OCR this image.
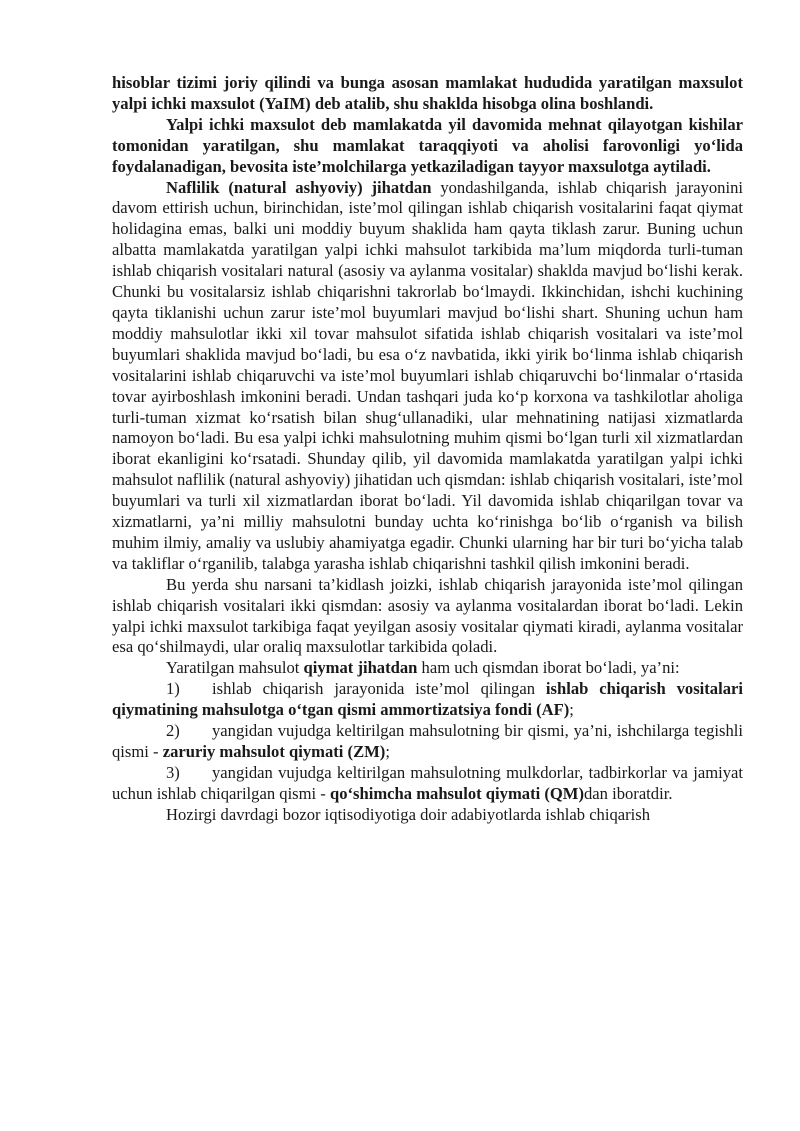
hisoblar tizimi joriy qilindi va bunga asosan mamlakat hududida yaratilgan maxsulot yalpi ichki maxsulot (YaIM) deb atalib, shu shaklda hisobga olina boshlandi.

Yalpi ichki maxsulot deb mamlakatda yil davomida mehnat qilayotgan kishilar tomonidan yaratilgan, shu mamlakat taraqqiyoti va aholisi farovonligi yo‘lida foydalanadigan, bevosita iste’molchilarga yetkaziladigan tayyor maxsulotga aytiladi.

Naflilik (natural ashyoviy) jihatdan yondashilganda, ishlab chiqarish jarayonini davom ettirish uchun, birinchidan, iste’mol qilingan ishlab chiqarish vositalarini faqat qiymat holidagina emas, balki uni moddiy buyum shaklida ham qayta tiklash zarur. Buning uchun albatta mamlakatda yaratilgan yalpi ichki mahsulot tarkibida ma’lum miqdorda turli-tuman ishlab chiqarish vositalari natural (asosiy va aylanma vositalar) shaklda mavjud bo‘lishi kerak. Chunki bu vositalarsiz ishlab chiqarishni takrorlab bo‘lmaydi. Ikkinchidan, ishchi kuchining qayta tiklanishi uchun zarur iste’mol buyumlari mavjud bo‘lishi shart. Shuning uchun ham moddiy mahsulotlar ikki xil tovar mahsulot sifatida ishlab chiqarish vositalari va iste’mol buyumlari shaklida mavjud bo‘ladi, bu esa o‘z navbatida, ikki yirik bo‘linma ishlab chiqarish vositalarini ishlab chiqaruvchi va iste’mol buyumlari ishlab chiqaruvchi bo‘linmalar o‘rtasida tovar ayirboshlash imkonini beradi. Undan tashqari juda ko‘p korxona va tashkilotlar aholiga turli-tuman xizmat ko‘rsatish bilan shug‘ullanadiki, ular mehnatining natijasi xizmatlarda namoyon bo‘ladi. Bu esa yalpi ichki mahsulotning muhim qismi bo‘lgan turli xil xizmatlardan iborat ekanligini ko‘rsatadi. Shunday qilib, yil davomida mamlakatda yaratilgan yalpi ichki mahsulot naflilik (natural ashyoviy) jihatidan uch qismdan: ishlab chiqarish vositalari, iste’mol buyumlari va turli xil xizmatlardan iborat bo‘ladi. Yil davomida ishlab chiqarilgan tovar va xizmatlarni, ya’ni milliy mahsulotni bunday uchta ko‘rinishga bo‘lib o‘rganish va bilish muhim ilmiy, amaliy va uslubiy ahamiyatga egadir. Chunki ularning har bir turi bo‘yicha talab va takliflar o‘rganilib, talabga yarasha ishlab chiqarishni tashkil qilish imkonini beradi.

Bu yerda shu narsani ta’kidlash joizki, ishlab chiqarish jarayonida iste’mol qilingan ishlab chiqarish vositalari ikki qismdan: asosiy va aylanma vositalardan iborat bo‘ladi. Lekin yalpi ichki maxsulot tarkibiga faqat yeyilgan asosiy vositalar qiymati kiradi, aylanma vositalar esa qo‘shilmaydi, ular oraliq maxsulotlar tarkibida qoladi.

Yaratilgan mahsulot qiymat jihatdan ham uch qismdan iborat bo‘ladi, ya’ni:

1) ishlab chiqarish jarayonida iste’mol qilingan ishlab chiqarish vositalari qiymatining mahsulotga o‘tgan qismi ammortizatsiya fondi (AF);

2) yangidan vujudga keltirilgan mahsulotning bir qismi, ya’ni, ishchilarga tegishli qismi - zaruriy mahsulot qiymati (ZM);

3) yangidan vujudga keltirilgan mahsulotning mulkdorlar, tadbirkorlar va jamiyat uchun ishlab chiqarilgan qismi - qo‘shimcha mahsulot qiymati (QM)dan iboratdir.

Hozirgi davrdagi bozor iqtisodiyotiga doir adabiyotlarda ishlab chiqarish
